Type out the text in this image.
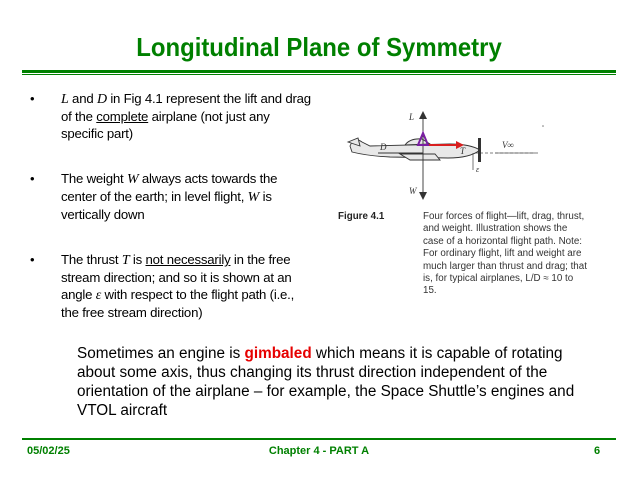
Longitudinal Plane of Symmetry
• L and D in Fig 4.1 represent the lift and drag of the complete airplane (not just any specific part)
• The weight W always acts towards the center of the earth; in level flight, W is vertically down
• The thrust T is not necessarily in the free stream direction; and so it is shown at an angle ε with respect to the flight path (i.e., the free stream direction)
L
D	T
V∞
W
ε
Figure 4.1	Four forces of flight—lift, drag, thrust, and weight. Illustration shows the case of a horizontal flight path. Note: For ordinary flight, lift and weight are much larger than thrust and drag; that is, for typical airplanes, L/D ≈ 10 to 15.
Sometimes an engine is gimbaled which means it is capable of rotating about some axis, thus changing its thrust direction independent of the orientation of the airplane – for example, the Space Shuttle’s engines and VTOL aircraft
05/02/25	Chapter 4 - PART A	6
